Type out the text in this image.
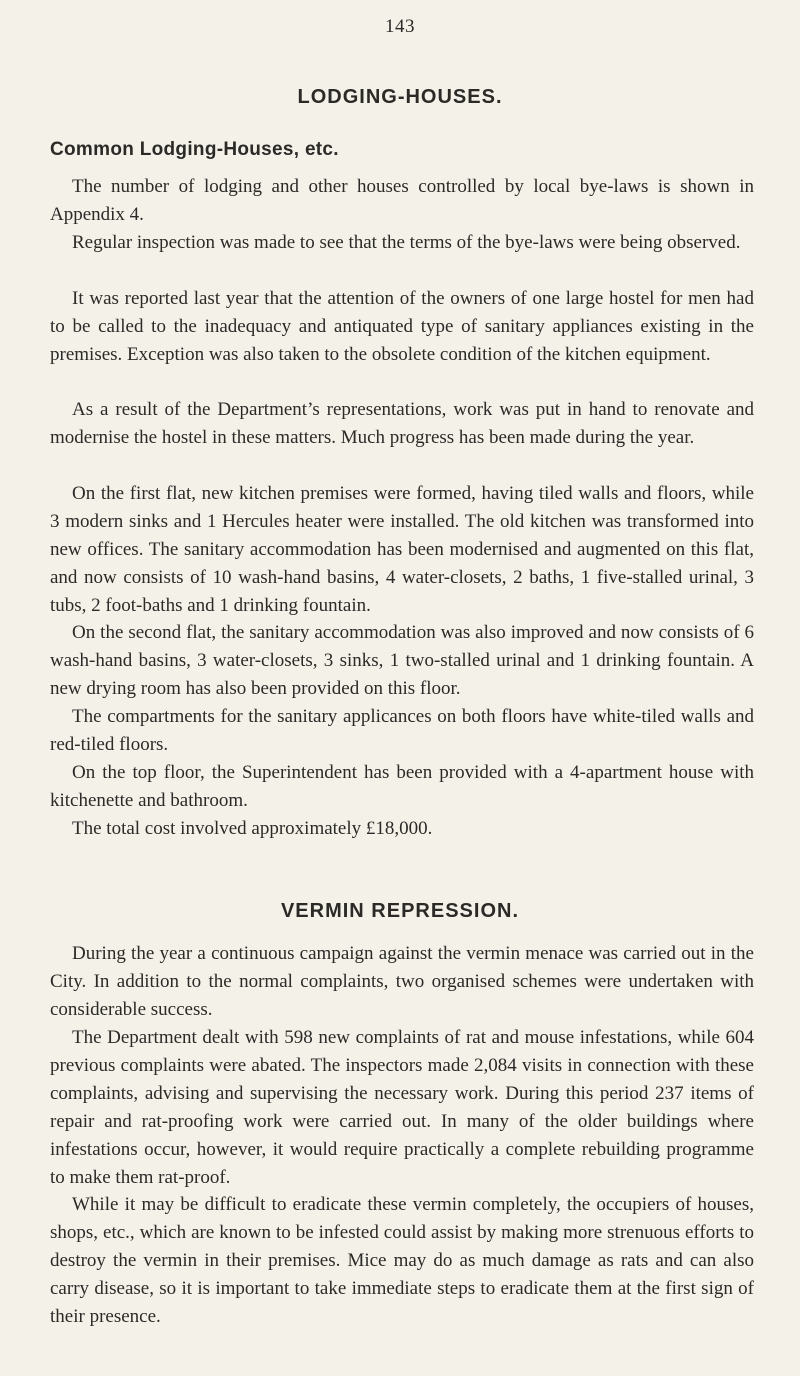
143
LODGING-HOUSES.
Common Lodging-Houses, etc.

The number of lodging and other houses controlled by local bye-laws is shown in Appendix 4.

Regular inspection was made to see that the terms of the bye-laws were being observed.

It was reported last year that the attention of the owners of one large hostel for men had to be called to the inadequacy and antiquated type of sanitary appliances existing in the premises. Exception was also taken to the obsolete condition of the kitchen equipment.

As a result of the Department’s representations, work was put in hand to renovate and modernise the hostel in these matters. Much progress has been made during the year.

On the first flat, new kitchen premises were formed, having tiled walls and floors, while 3 modern sinks and 1 Hercules heater were installed. The old kitchen was transformed into new offices. The sanitary accommodation has been modernised and augmented on this flat, and now consists of 10 wash-hand basins, 4 water-closets, 2 baths, 1 five-stalled urinal, 3 tubs, 2 foot-baths and 1 drinking fountain.

On the second flat, the sanitary accommodation was also improved and now consists of 6 wash-hand basins, 3 water-closets, 3 sinks, 1 two-stalled urinal and 1 drinking fountain. A new drying room has also been provided on this floor.

The compartments for the sanitary applicances on both floors have white-tiled walls and red-tiled floors.

On the top floor, the Superintendent has been provided with a 4-apartment house with kitchenette and bathroom.

The total cost involved approximately £18,000.

VERMIN REPRESSION.

During the year a continuous campaign against the vermin menace was carried out in the City. In addition to the normal complaints, two organised schemes were undertaken with considerable success.

The Department dealt with 598 new complaints of rat and mouse infestations, while 604 previous complaints were abated. The inspectors made 2,084 visits in connection with these complaints, advising and supervising the necessary work. During this period 237 items of repair and rat-proofing work were carried out. In many of the older buildings where infestations occur, however, it would require practically a complete rebuilding programme to make them rat-proof.

While it may be difficult to eradicate these vermin completely, the occupiers of houses, shops, etc., which are known to be infested could assist by making more strenuous efforts to destroy the vermin in their premises. Mice may do as much damage as rats and can also carry disease, so it is important to take immediate steps to eradicate them at the first sign of their presence.
